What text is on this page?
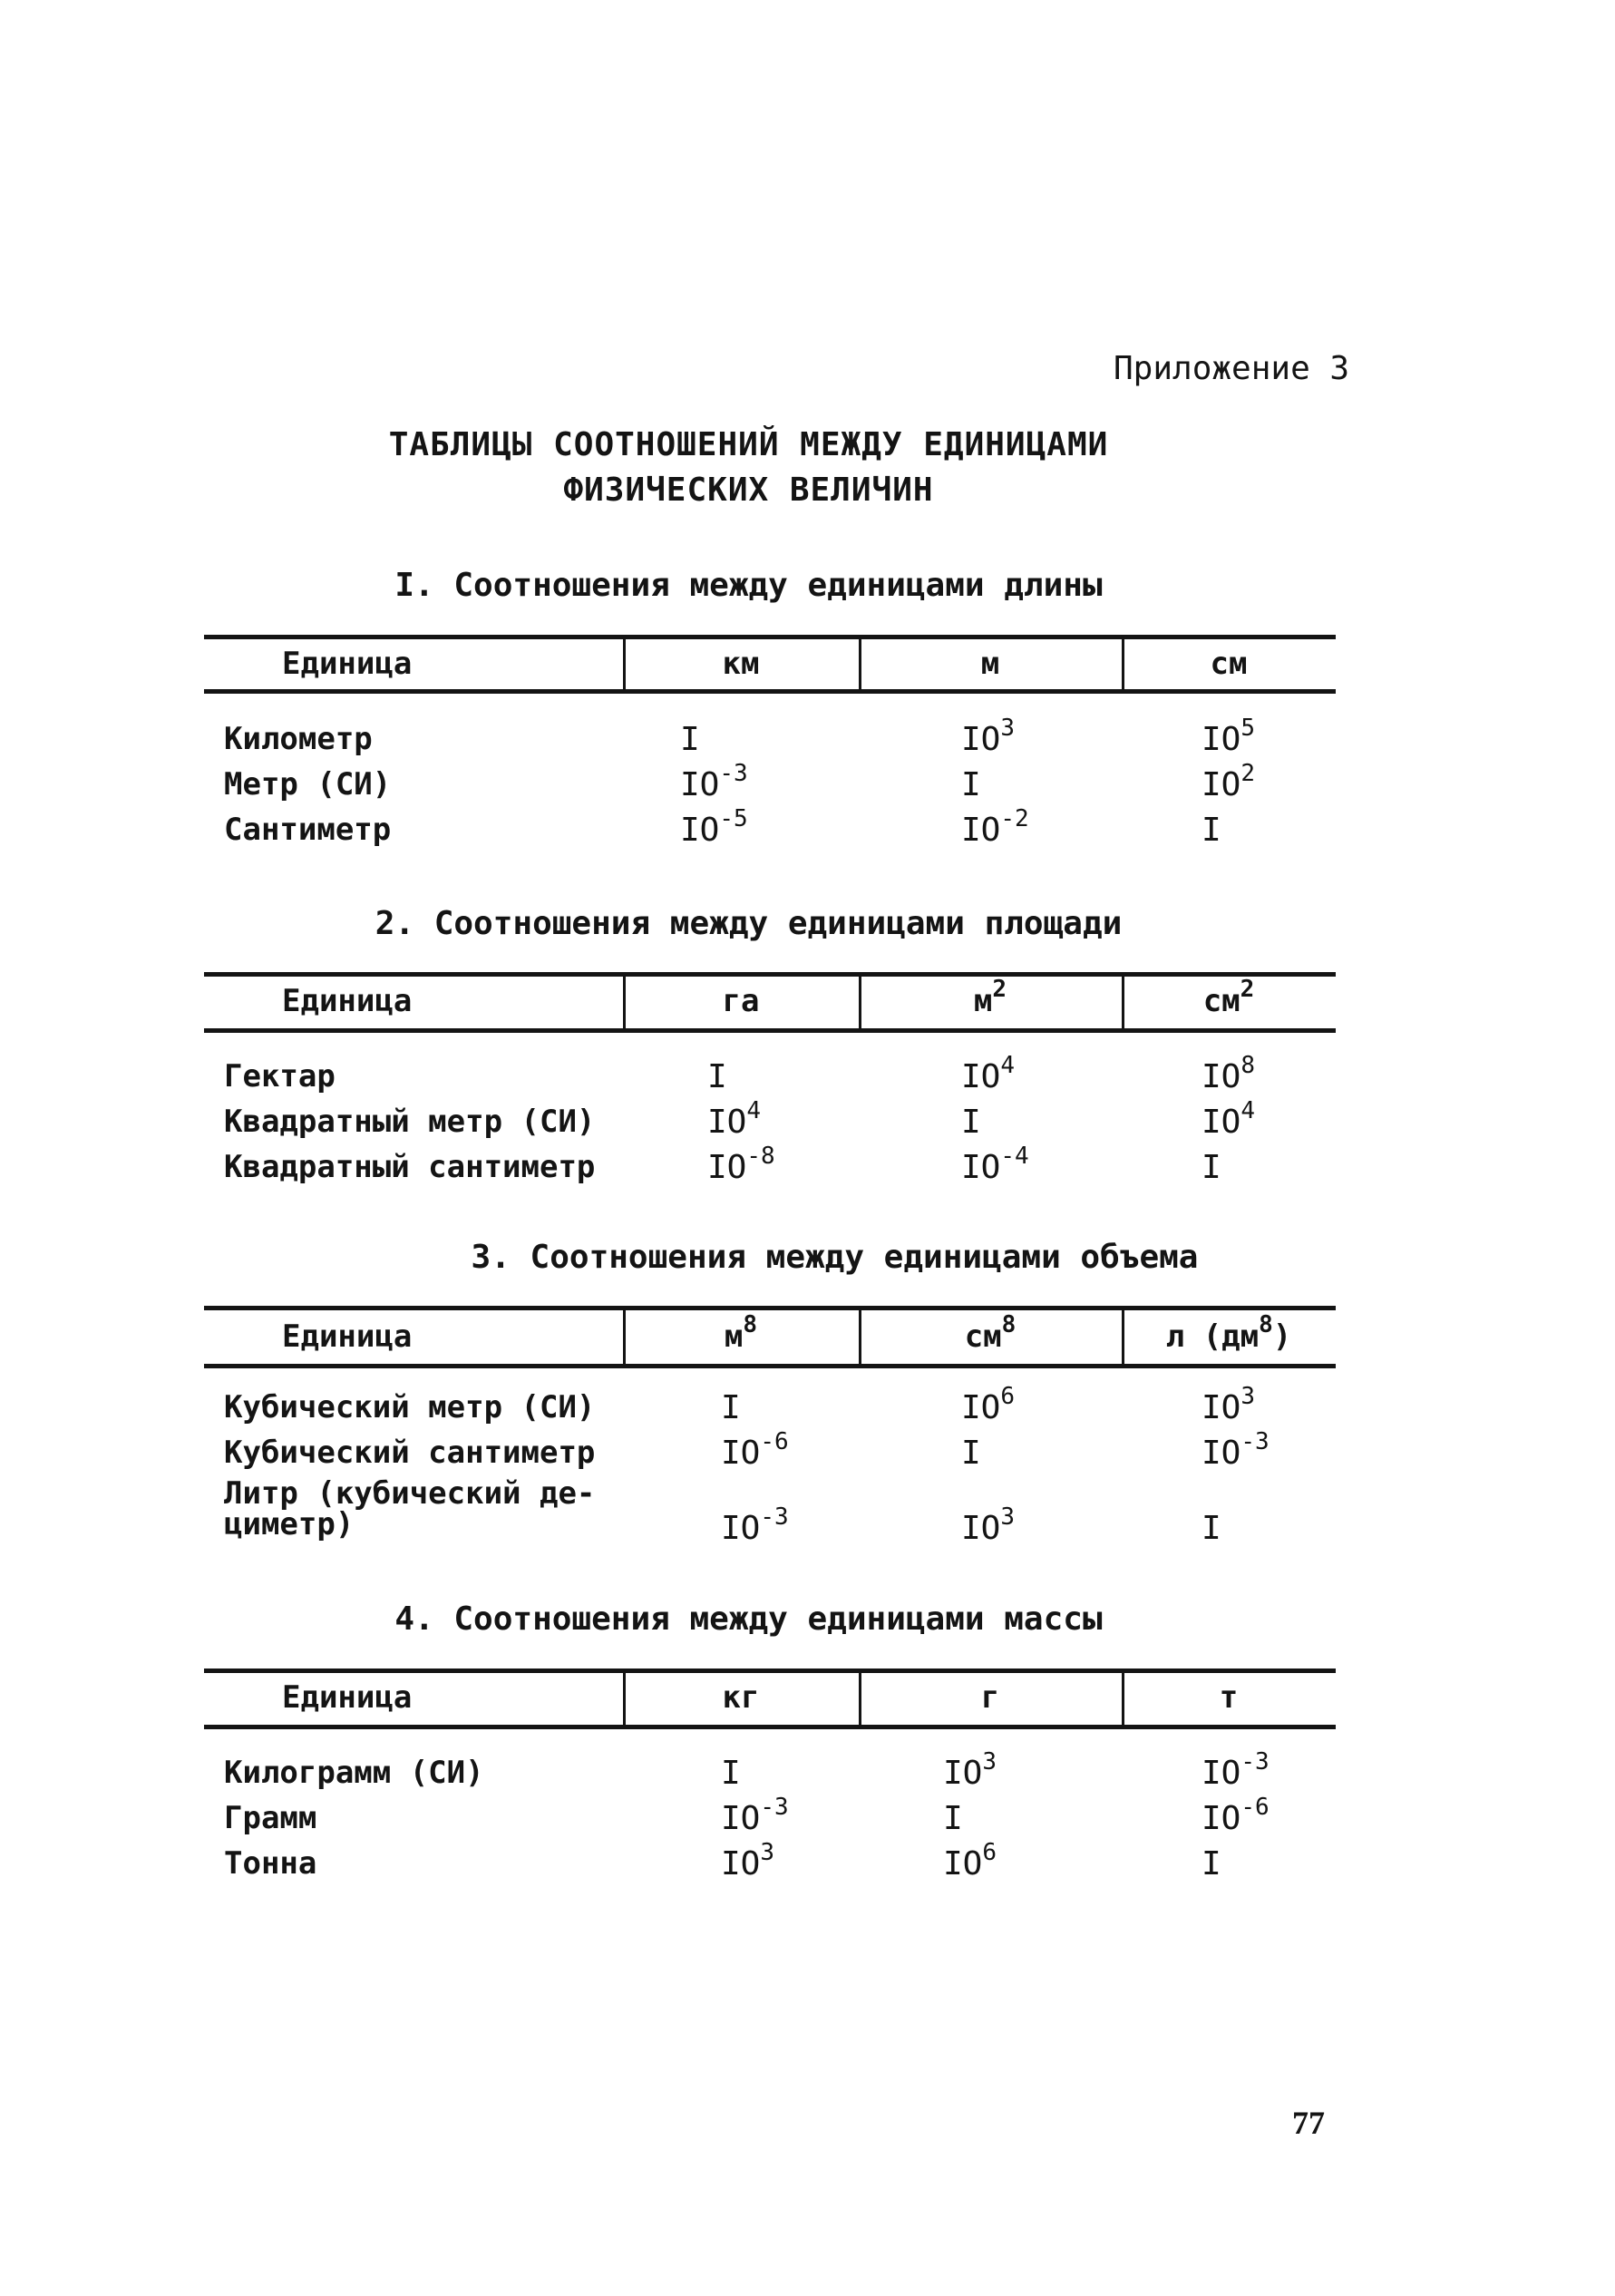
Приложение 3
ТАБЛИЦЫ СООТНОШЕНИЙ МЕЖДУ ЕДИНИЦАМИ
ФИЗИЧЕСКИХ ВЕЛИЧИН
I. Соотношения между единицами длины
Единица	км	м	см
Километр	I	$IO^3$	$IO^5$
Метр (СИ)	$IO^{-3}$	I	$IO^2$
Сантиметр	$IO^{-5}$	$IO^{-2}$	I
2. Соотношения между единицами площади
Единица	га	$м^2$	$см^2$
Гектар	I	$IO^4$	$IO^8$
Квадратный метр (СИ)	$IO^4$	I	$IO^4$
Квадратный сантиметр	$IO^{-8}$	$IO^{-4}$	I
3. Соотношения между единицами объема
Единица	$м^8$	$см^8$	л $(дм^8)$
Кубический метр (СИ)	I	$IO^6$	$IO^3$
Кубический сантиметр	$IO^{-6}$	I	$IO^{-3}$
Литр (кубический де-
циметр)	$IO^{-3}$	$IO^3$	I
4. Соотношения между единицами массы
Единица	кг	г	т
Килограмм (СИ)	I	$IO^3$	$IO^{-3}$
Грамм	$IO^{-3}$	I	$IO^{-6}$
Тонна	$IO^3$	$IO^6$	I
77
